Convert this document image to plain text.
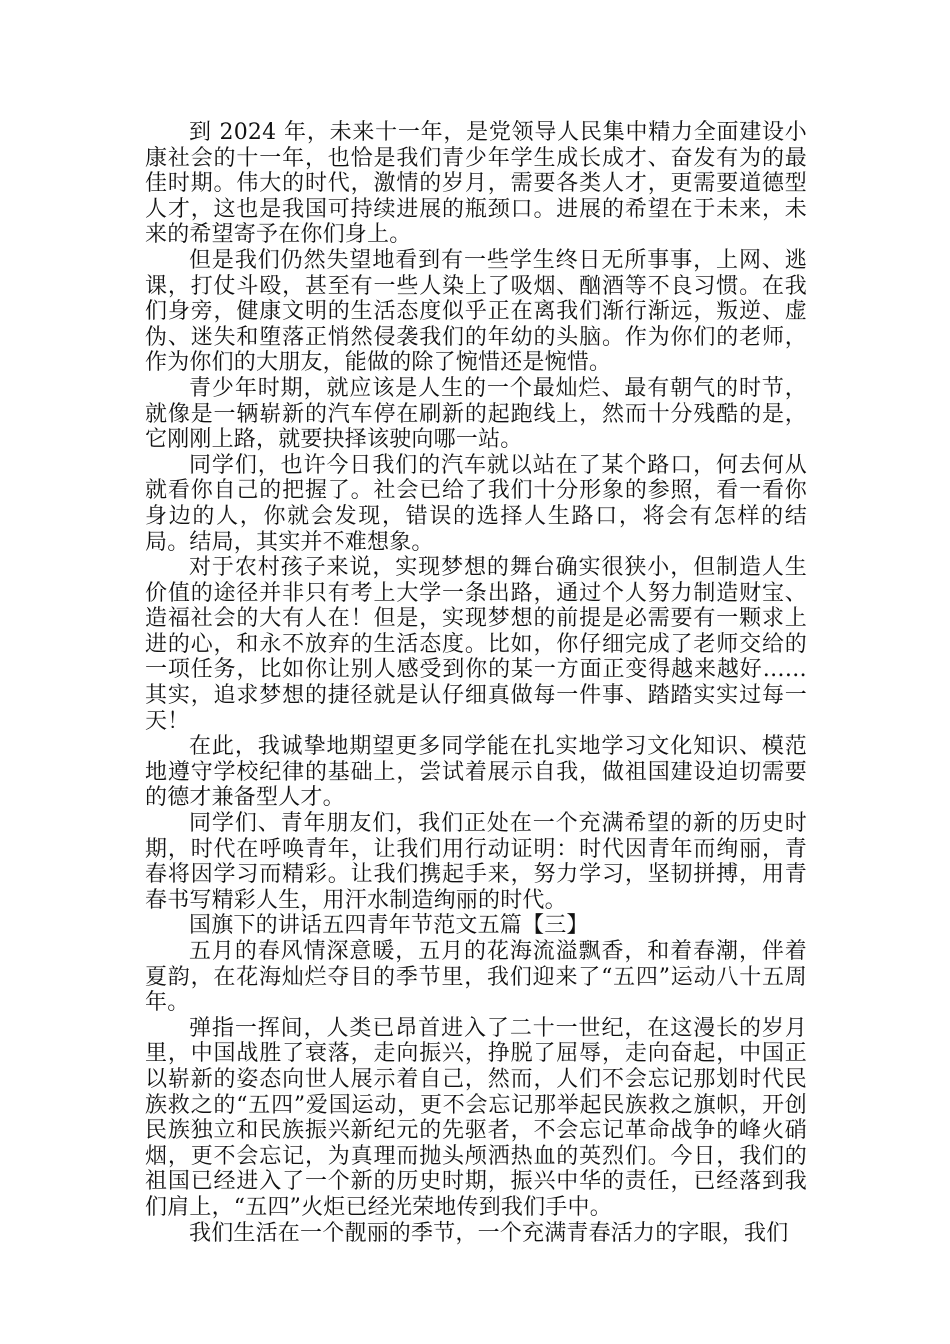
到 2024 年，未来十一年，是党领导人民集中精力全面建设小康社会的十一年，也恰是我们青少年学生成长成才、奋发有为的最佳时期。伟大的时代，激情的岁月，需要各类人才，更需要道德型人才，这也是我国可持续进展的瓶颈口。进展的希望在于未来，未来的希望寄予在你们身上。

但是我们仍然失望地看到有一些学生终日无所事事，上网、逃课，打仗斗殴，甚至有一些人染上了吸烟、酗酒等不良习惯。在我们身旁，健康文明的生活态度似乎正在离我们渐行渐远，叛逆、虚伪、迷失和堕落正悄然侵袭我们的年幼的头脑。作为你们的老师，作为你们的大朋友，能做的除了惋惜还是惋惜。

青少年时期，就应该是人生的一个最灿烂、最有朝气的时节，就像是一辆崭新的汽车停在刷新的起跑线上，然而十分残酷的是，它刚刚上路，就要抉择该驶向哪一站。

同学们，也许今日我们的汽车就以站在了某个路口，何去何从就看你自己的把握了。社会已给了我们十分形象的参照，看一看你身边的人，你就会发现，错误的选择人生路口，将会有怎样的结局。结局，其实并不难想象。

对于农村孩子来说，实现梦想的舞台确实很狭小，但制造人生价值的途径并非只有考上大学一条出路，通过个人努力制造财宝、造福社会的大有人在！但是，实现梦想的前提是必需要有一颗求上进的心，和永不放弃的生活态度。比如，你仔细完成了老师交给的一项任务，比如你让别人感受到你的某一方面正变得越来越好……其实，追求梦想的捷径就是认仔细真做每一件事、踏踏实实过每一天！

在此，我诚挚地期望更多同学能在扎实地学习文化知识、模范地遵守学校纪律的基础上，尝试着展示自我，做祖国建设迫切需要的德才兼备型人才。

同学们、青年朋友们，我们正处在一个充满希望的新的历史时期，时代在呼唤青年，让我们用行动证明：时代因青年而绚丽，青春将因学习而精彩。让我们携起手来，努力学习，坚韧拼搏，用青春书写精彩人生，用汗水制造绚丽的时代。

国旗下的讲话五四青年节范文五篇【三】

五月的春风情深意暖，五月的花海流溢飘香，和着春潮，伴着夏韵，在花海灿烂夺目的季节里，我们迎来了“五四”运动八十五周年。

弹指一挥间，人类已昂首进入了二十一世纪，在这漫长的岁月里，中国战胜了衰落，走向振兴，挣脱了屈辱，走向奋起，中国正以崭新的姿态向世人展示着自己，然而，人们不会忘记那划时代民族救之的“五四”爱国运动，更不会忘记那举起民族救之旗帜，开创民族独立和民族振兴新纪元的先驱者，不会忘记革命战争的峰火硝烟，更不会忘记，为真理而抛头颅洒热血的英烈们。今日，我们的祖国已经进入了一个新的历史时期，振兴中华的责任，已经落到我们肩上，“五四”火炬已经光荣地传到我们手中。

我们生活在一个靓丽的季节，一个充满青春活力的字眼，我们
